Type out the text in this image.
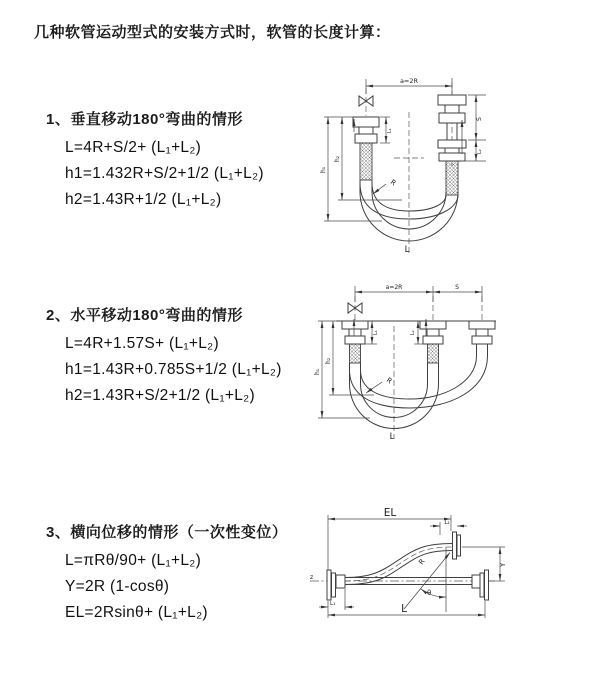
几种软管运动型式的安装方式时，软管的长度计算：
1、垂直移动180°弯曲的情形
L=4R+S/2+ (L₁+L₂)
h1=1.432R+S/2+1/2 (L₁+L₂)
h2=1.43R+1/2 (L₁+L₂)
2、水平移动180°弯曲的情形
L=4R+1.57S+ (L₁+L₂)
h1=1.43R+0.785S+1/2 (L₁+L₂)
h2=1.43R+S/2+1/2 (L₁+L₂)
3、横向位移的情形（一次性变位）
L=πRθ/90+ (L₁+L₂)
Y=2R (1-cosθ)
EL=2Rsinθ+ (L₁+L₂)
a=2R
h₁
h₂
L₁
S
L₂
R
L
a=2R	S
h₁
h₂
L₁	L₂
R
L
z
EL
L₂
R
θ
Y
L
L₁
